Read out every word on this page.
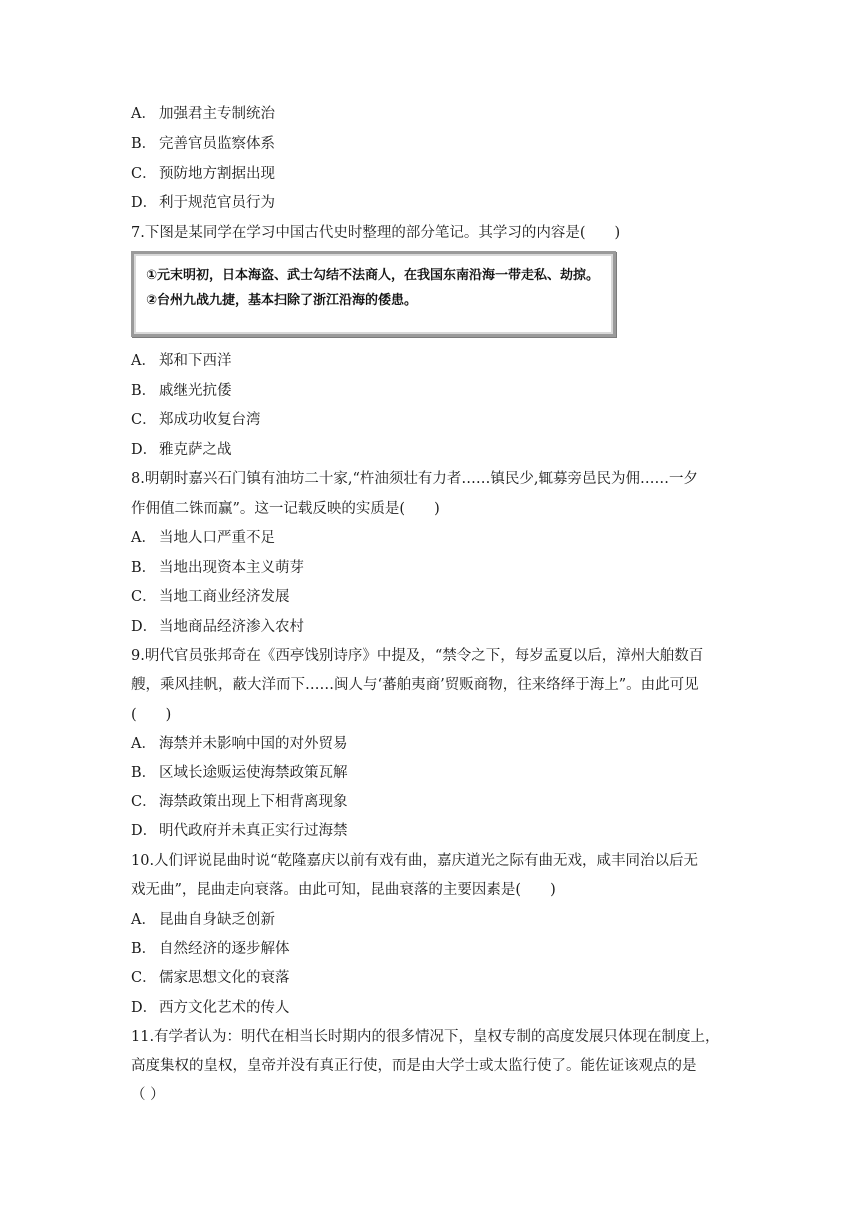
A． 加强君主专制统治
B． 完善官员监察体系
C． 预防地方割据出现
D． 利于规范官员行为
7.下图是某同学在学习中国古代史时整理的部分笔记。其学习的内容是(　　)
①元末明初，日本海盗、武士勾结不法商人，在我国东南沿海一带走私、劫掠。②台州九战九捷，基本扫除了浙江沿海的倭患。
A． 郑和下西洋
B． 戚继光抗倭
C． 郑成功收复台湾
D． 雅克萨之战
8.明朝时嘉兴石门镇有油坊二十家,“杵油须壮有力者……镇民少,辄募旁邑民为佣……一夕
作佣值二铢而赢”。这一记载反映的实质是(　　)
A． 当地人口严重不足
B． 当地出现资本主义萌芽
C． 当地工商业经济发展
D． 当地商品经济渗入农村
9.明代官员张邦奇在《西亭饯别诗序》中提及，“禁令之下，每岁孟夏以后，漳州大舶数百
艘，乘风挂帆，蔽大洋而下……闽人与‘蕃舶夷商’贸贩商物，往来络绎于海上”。由此可见
(　　)
A． 海禁并未影响中国的对外贸易
B． 区域长途贩运使海禁政策瓦解
C． 海禁政策出现上下相背离现象
D． 明代政府并未真正实行过海禁
10.人们评说昆曲时说“乾隆嘉庆以前有戏有曲，嘉庆道光之际有曲无戏，咸丰同治以后无
戏无曲”，昆曲走向衰落。由此可知，昆曲衰落的主要因素是(　　)
A． 昆曲自身缺乏创新
B． 自然经济的逐步解体
C． 儒家思想文化的衰落
D． 西方文化艺术的传人
11.有学者认为：明代在相当长时期内的很多情况下，皇权专制的高度发展只体现在制度上，
高度集权的皇权，皇帝并没有真正行使，而是由大学士或太监行使了。能佐证该观点的是
（ ）
